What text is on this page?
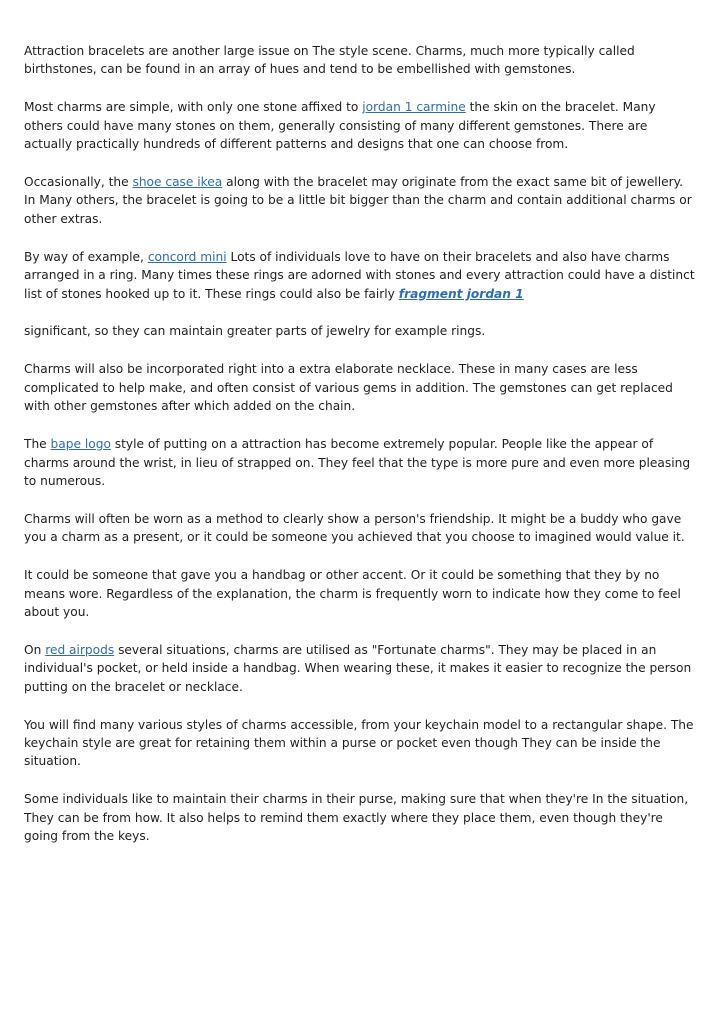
Attraction bracelets are another large issue on The style scene. Charms, much more typically called birthstones, can be found in an array of hues and tend to be embellished with gemstones.

Most charms are simple, with only one stone affixed to jordan 1 carmine the skin on the bracelet. Many others could have many stones on them, generally consisting of many different gemstones. There are actually practically hundreds of different patterns and designs that one can choose from.

Occasionally, the shoe case ikea along with the bracelet may originate from the exact same bit of jewellery. In Many others, the bracelet is going to be a little bit bigger than the charm and contain additional charms or other extras.

By way of example, concord mini Lots of individuals love to have on their bracelets and also have charms arranged in a ring. Many times these rings are adorned with stones and every attraction could have a distinct list of stones hooked up to it. These rings could also be fairly fragment jordan 1

significant, so they can maintain greater parts of jewelry for example rings.

Charms will also be incorporated right into a extra elaborate necklace. These in many cases are less complicated to help make, and often consist of various gems in addition. The gemstones can get replaced with other gemstones after which added on the chain.

The bape logo style of putting on a attraction has become extremely popular. People like the appear of charms around the wrist, in lieu of strapped on. They feel that the type is more pure and even more pleasing to numerous.

Charms will often be worn as a method to clearly show a person's friendship. It might be a buddy who gave you a charm as a present, or it could be someone you achieved that you choose to imagined would value it.

It could be someone that gave you a handbag or other accent. Or it could be something that they by no means wore. Regardless of the explanation, the charm is frequently worn to indicate how they come to feel about you.

On red airpods several situations, charms are utilised as "Fortunate charms". They may be placed in an individual's pocket, or held inside a handbag. When wearing these, it makes it easier to recognize the person putting on the bracelet or necklace.

You will find many various styles of charms accessible, from your keychain model to a rectangular shape. The keychain style are great for retaining them within a purse or pocket even though They can be inside the situation.

Some individuals like to maintain their charms in their purse, making sure that when they're In the situation, They can be from how. It also helps to remind them exactly where they place them, even though they're going from the keys.
